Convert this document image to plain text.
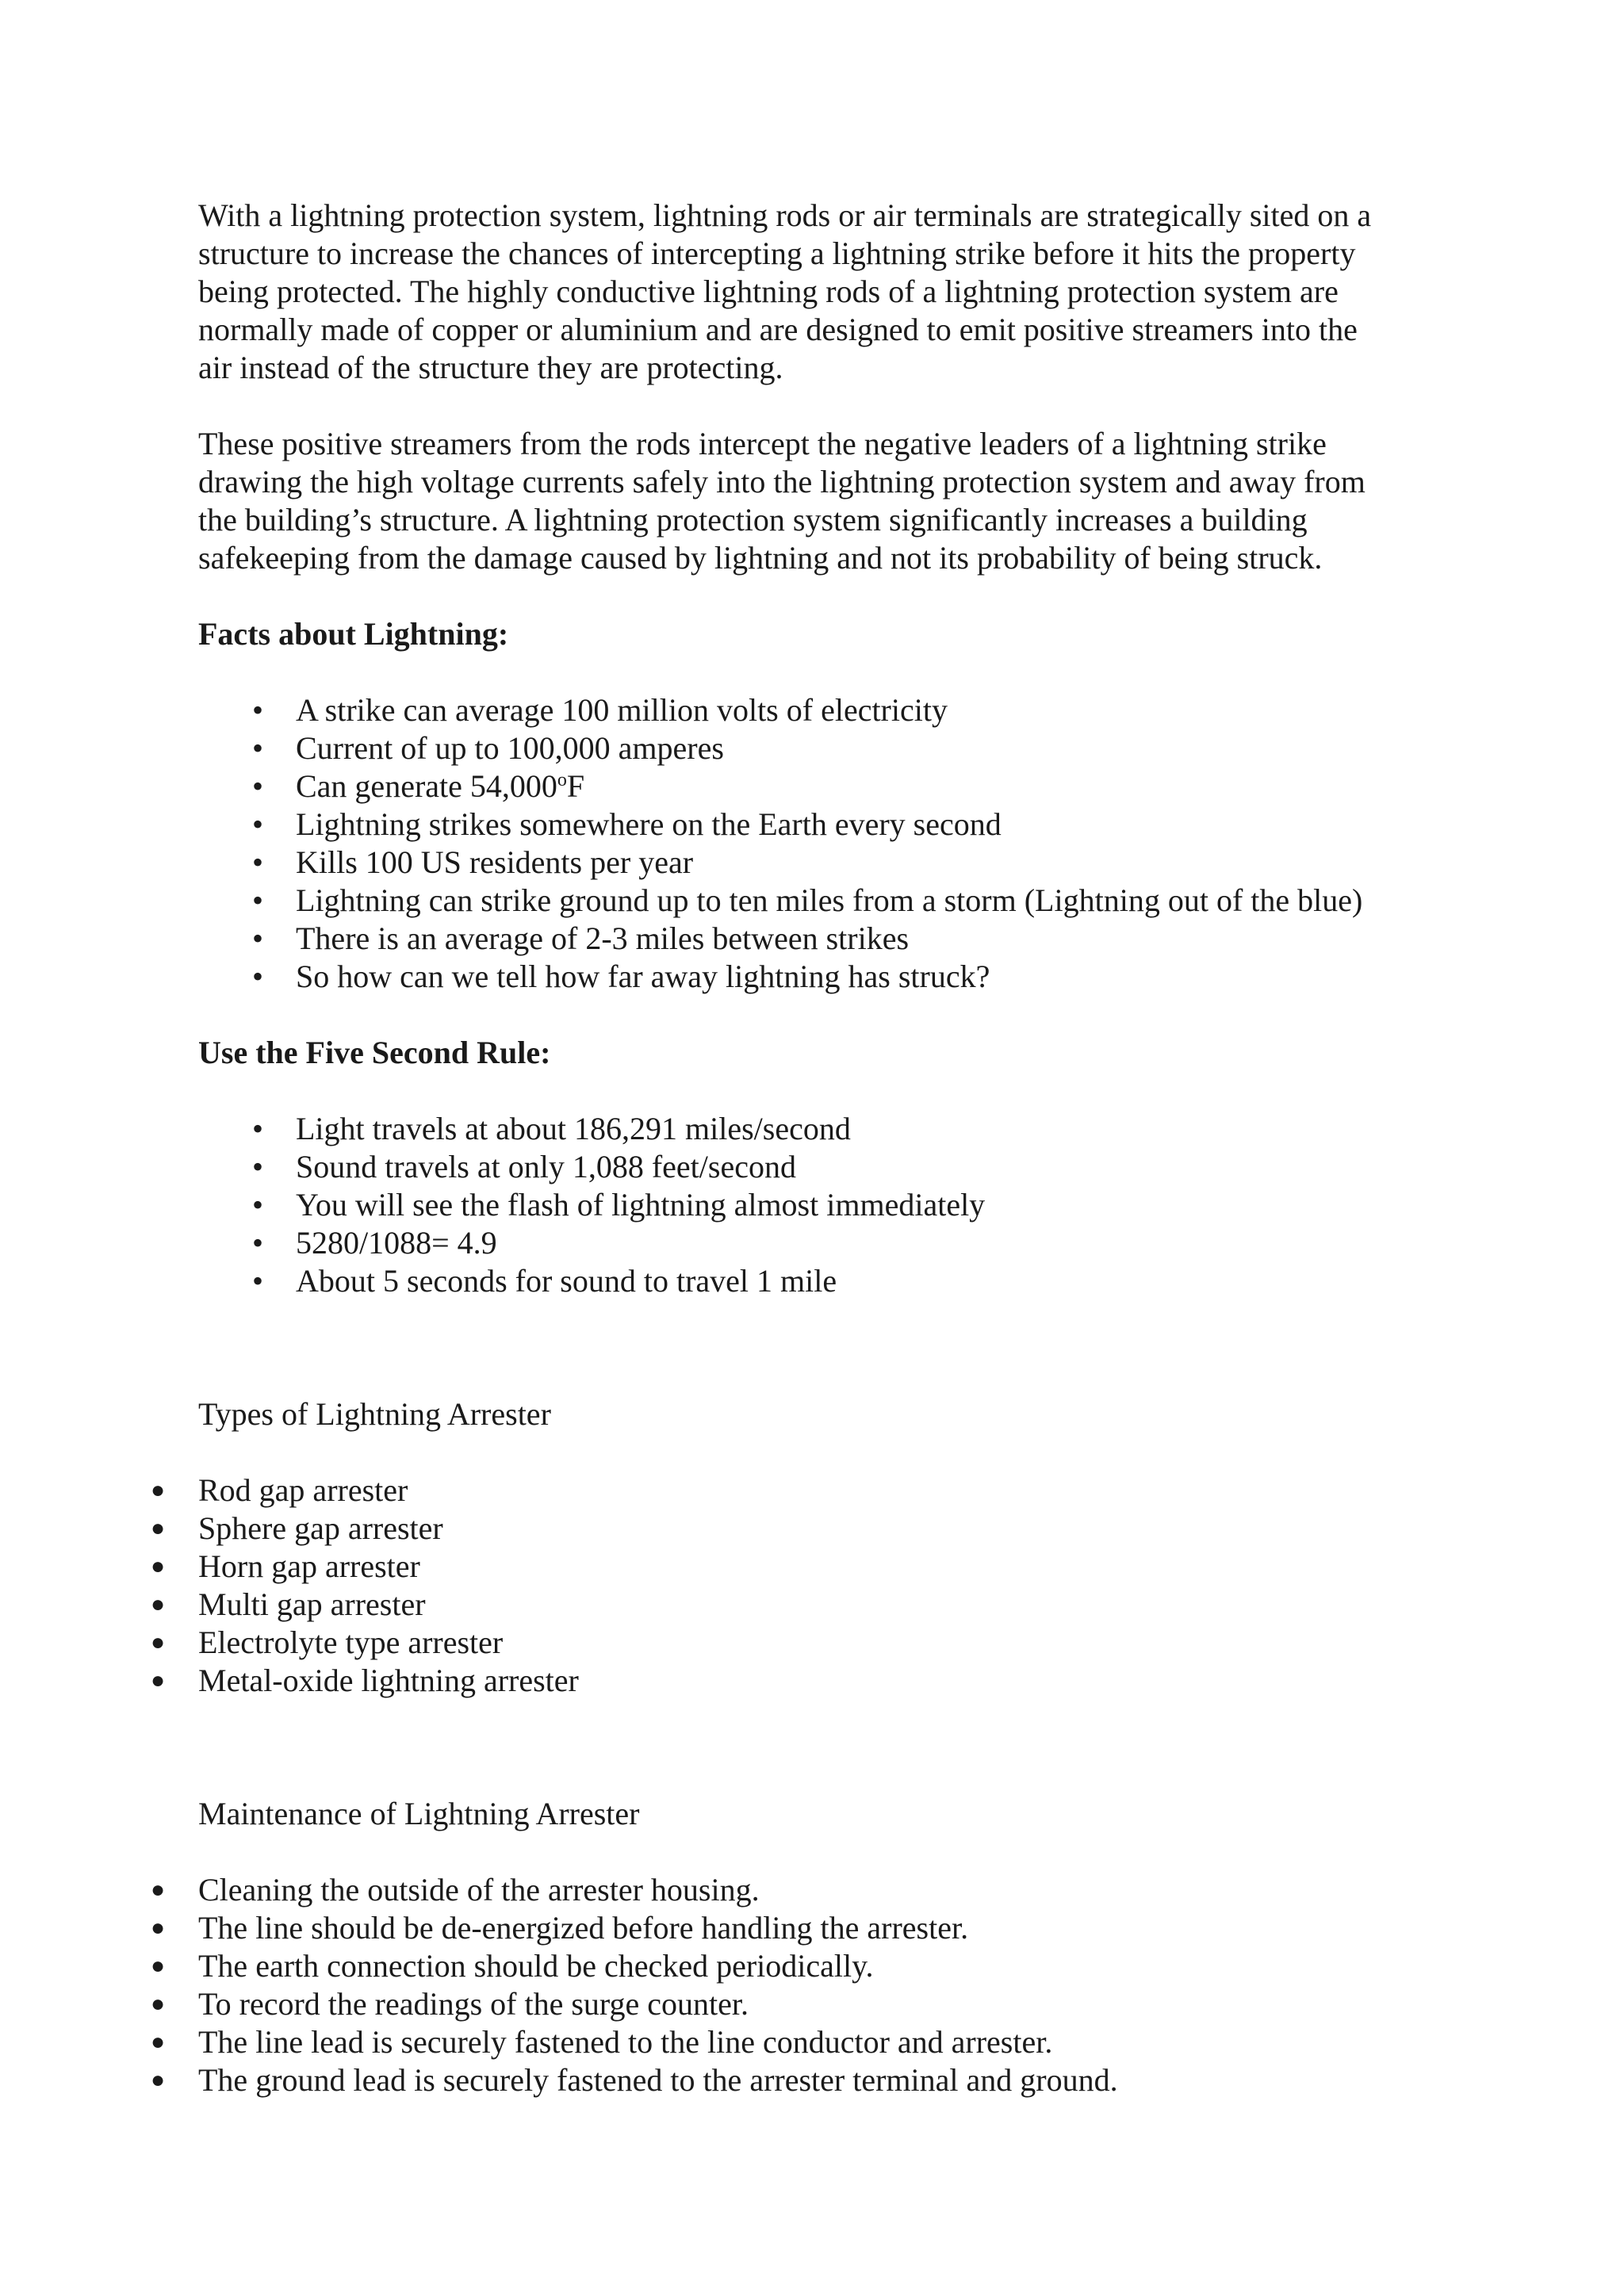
With a lightning protection system, lightning rods or air terminals are strategically sited on a
structure to increase the chances of intercepting a lightning strike before it hits the property
being protected. The highly conductive lightning rods of a lightning protection system are
normally made of copper or aluminium and are designed to emit positive streamers into the
air instead of the structure they are protecting.

These positive streamers from the rods intercept the negative leaders of a lightning strike
drawing the high voltage currents safely into the lightning protection system and away from
the building’s structure. A lightning protection system significantly increases a building
safekeeping from the damage caused by lightning and not its probability of being struck.

Facts about Lightning:

• A strike can average 100 million volts of electricity
• Current of up to 100,000 amperes
• Can generate 54,000$^o$F
• Lightning strikes somewhere on the Earth every second
• Kills 100 US residents per year
• Lightning can strike ground up to ten miles from a storm (Lightning out of the blue)
• There is an average of 2-3 miles between strikes
• So how can we tell how far away lightning has struck?

Use the Five Second Rule:

• Light travels at about 186,291 miles/second
• Sound travels at only 1,088 feet/second
• You will see the flash of lightning almost immediately
• 5280/1088= 4.9
• About 5 seconds for sound to travel 1 mile

Types of Lightning Arrester

● Rod gap arrester
● Sphere gap arrester
● Horn gap arrester
● Multi gap arrester
● Electrolyte type arrester
● Metal-oxide lightning arrester

Maintenance of Lightning Arrester

● Cleaning the outside of the arrester housing.
● The line should be de-energized before handling the arrester.
● The earth connection should be checked periodically.
● To record the readings of the surge counter.
● The line lead is securely fastened to the line conductor and arrester.
● The ground lead is securely fastened to the arrester terminal and ground.
